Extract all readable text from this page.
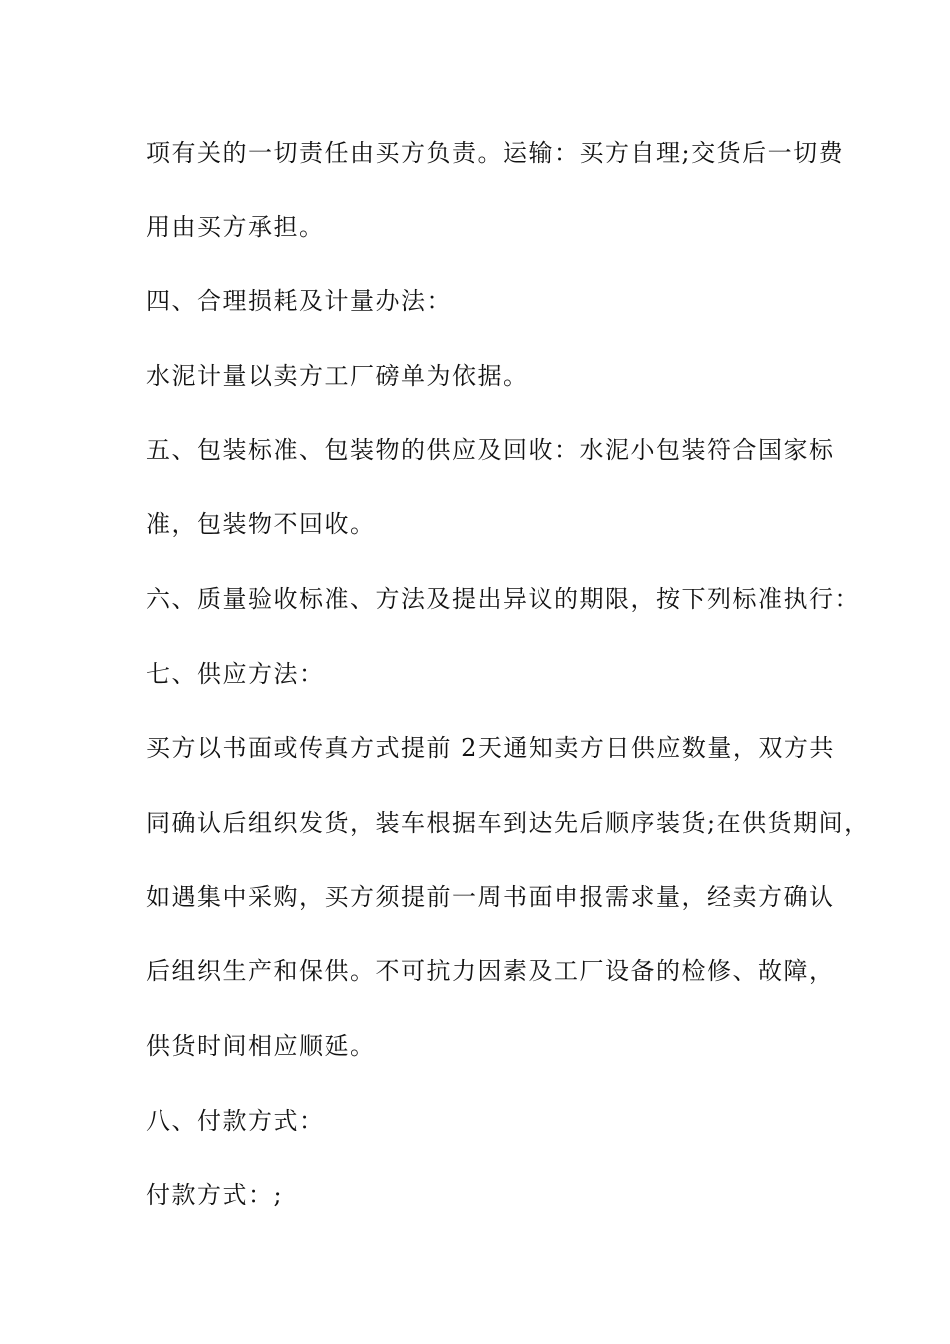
项有关的一切责任由买方负责。运输：买方自理;交货后一切费

用由买方承担。

四、合理损耗及计量办法：

水泥计量以卖方工厂磅单为依据。

五、包装标准、包装物的供应及回收：水泥小包装符合国家标

准，包装物不回收。

六、质量验收标准、方法及提出异议的期限，按下列标准执行：

七、供应方法：

买方以书面或传真方式提前 2天通知卖方日供应数量，双方共

同确认后组织发货，装车根据车到达先后顺序装货;在供货期间，

如遇集中采购，买方须提前一周书面申报需求量，经卖方确认

后组织生产和保供。不可抗力因素及工厂设备的检修、故障，

供货时间相应顺延。

八、付款方式：

付款方式：;
